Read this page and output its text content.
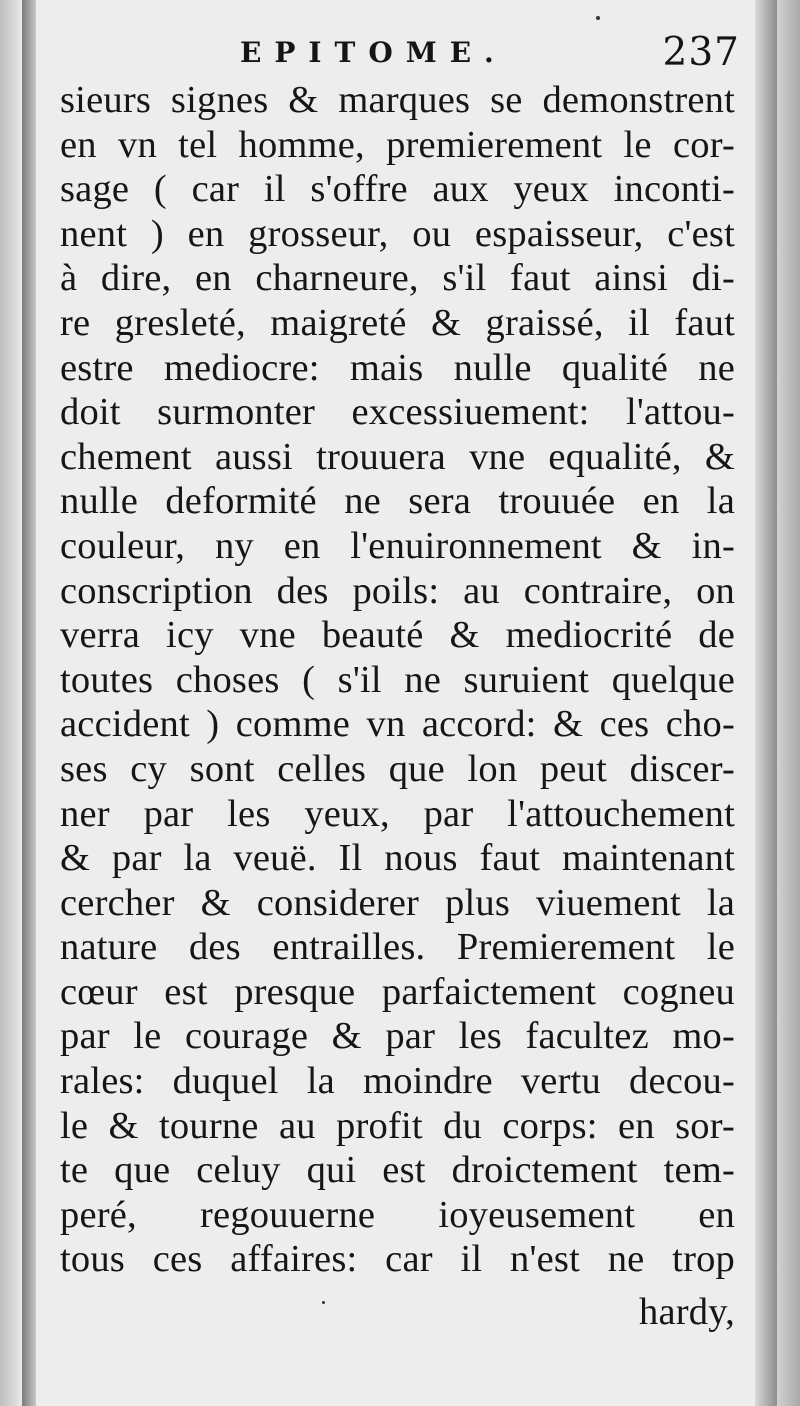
EPITOME.	237
sieurs signes & marques se demonstrent
en vn tel homme, premierement le cor-
sage ( car il s'offre aux yeux inconti-
nent ) en grosseur, ou espaisseur, c'est
à dire, en charneure, s'il faut ainsi di-
re gresleté, maigreté & graissé, il faut
estre mediocre: mais nulle qualité ne
doit surmonter excessiuement: l'attou-
chement aussi trouuera vne equalité, &
nulle deformité ne sera trouuée en la
couleur, ny en l'enuironnement & in-
conscription des poils: au contraire, on
verra icy vne beauté & mediocrité de
toutes choses ( s'il ne suruient quelque
accident ) comme vn accord: & ces cho-
ses cy sont celles que lon peut discer-
ner par les yeux, par l'attouchement
& par la veuë. Il nous faut maintenant
cercher & considerer plus viuement la
nature des entrailles. Premierement le
cœur est presque parfaictement cogneu
par le courage & par les facultez mo-
rales: duquel la moindre vertu decou-
le & tourne au profit du corps: en sor-
te que celuy qui est droictement tem-
peré, regouuerne ioyeusement en
tous ces affaires: car il n'est ne trop
hardy,
